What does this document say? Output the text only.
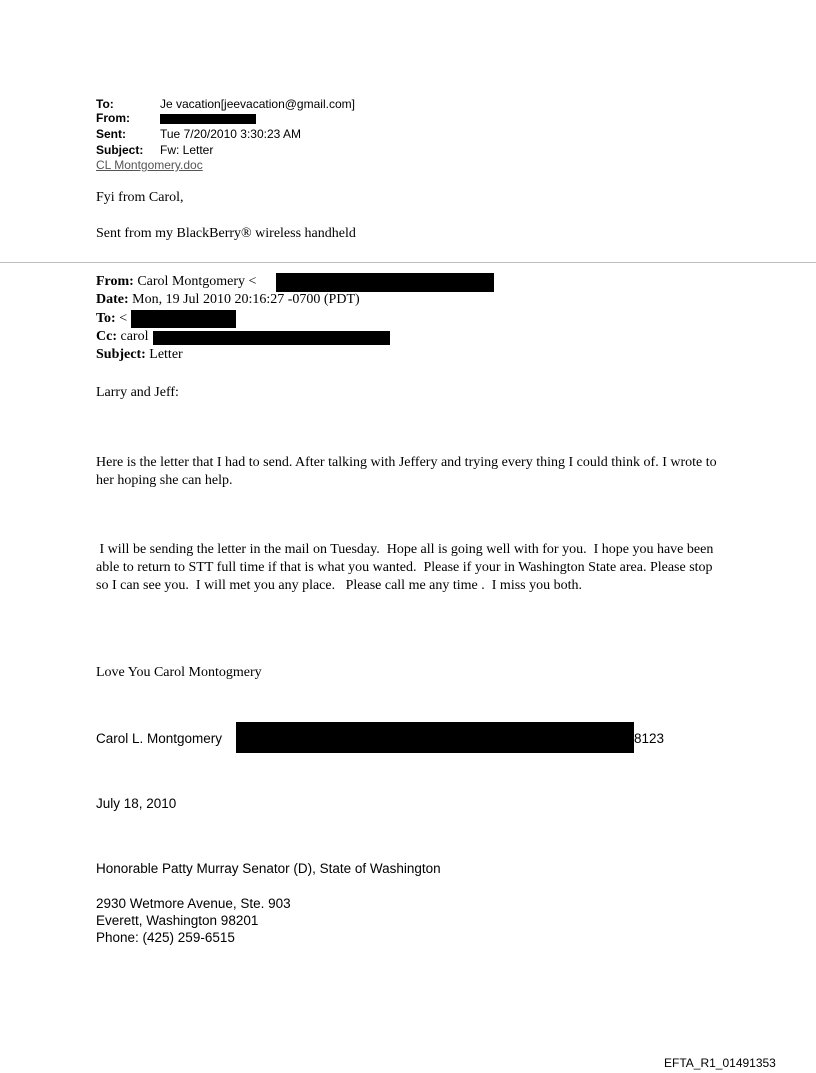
To:	Je vacation[jeevacation@gmail.com]
From:
Sent:	Tue 7/20/2010 3:30:23 AM
Subject: Fw: Letter
CL Montgomery.doc
Fyi from Carol,
Sent from my BlackBerry® wireless handheld
From: Carol Montgomery <
Date: Mon, 19 Jul 2010 20:16:27 -0700 (PDT)
To: <
Cc: carol
Subject: Letter
Larry and Jeff:
Here is the letter that I had to send. After talking with Jeffery and trying every thing I could think of. I wrote to her hoping she can help.
I will be sending the letter in the mail on Tuesday.  Hope all is going well with for you.  I hope you have been able to return to STT full time if that is what you wanted.  Please if your in Washington State area. Please stop so I can see you.  I will met you any place.   Please call me any time .  I miss you both.
Love You Carol Montogmery
Carol L. Montgomery	8123
July 18, 2010
Honorable Patty Murray Senator (D), State of Washington
2930 Wetmore Avenue, Ste. 903
Everett, Washington 98201
Phone: (425) 259-6515
EFTA_R1_01491353
